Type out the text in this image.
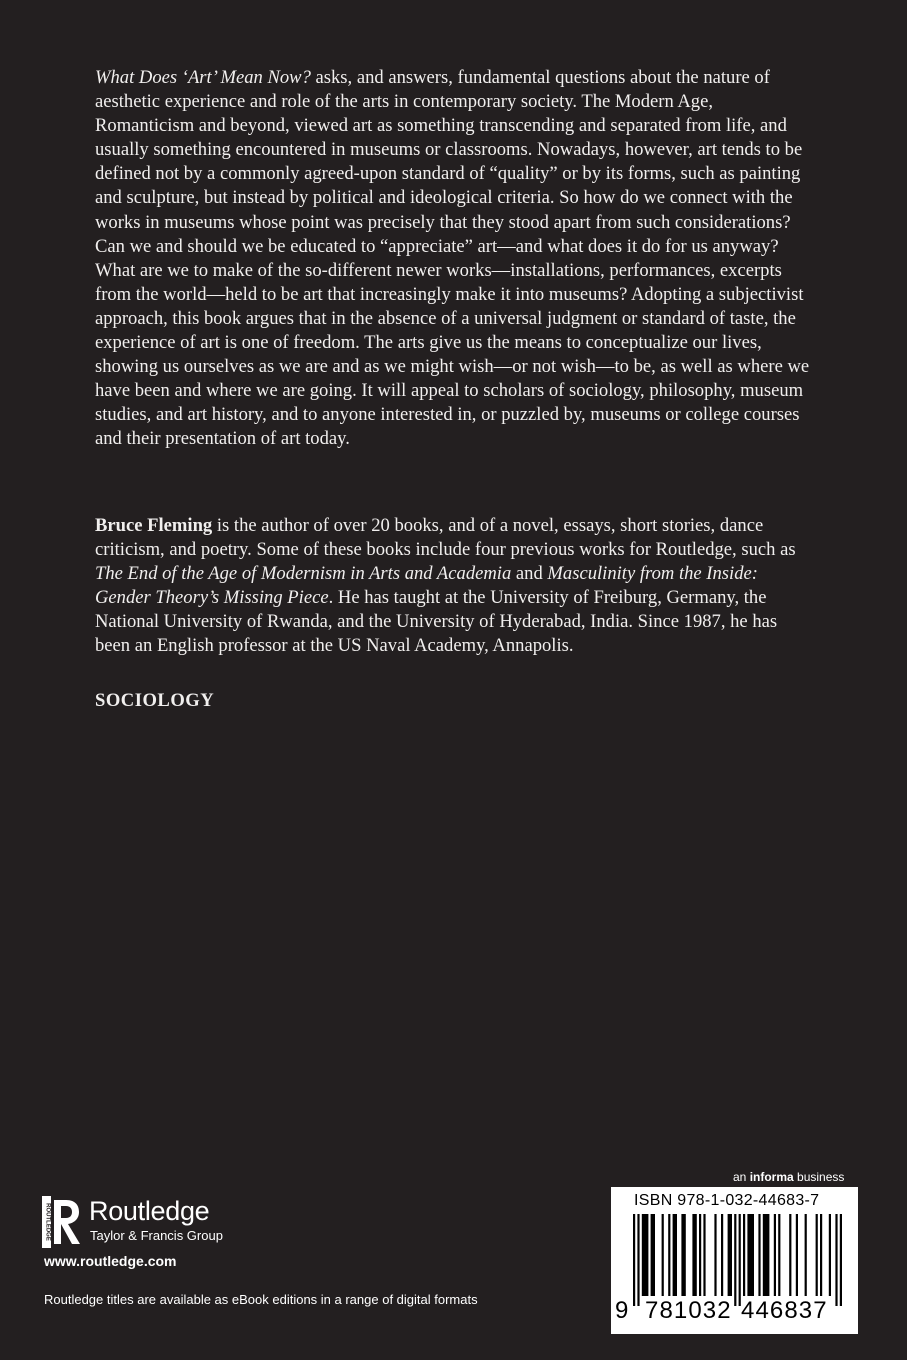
What Does ‘Art’ Mean Now? asks, and answers, fundamental questions about the nature of aesthetic experience and role of the arts in contemporary society. The Modern Age, Romanticism and beyond, viewed art as something transcending and separated from life, and usually something encountered in museums or classrooms. Nowadays, however, art tends to be defined not by a commonly agreed-upon standard of “quality” or by its forms, such as painting and sculpture, but instead by political and ideological criteria. So how do we connect with the works in museums whose point was precisely that they stood apart from such considerations? Can we and should we be educated to “appreciate” art—and what does it do for us anyway? What are we to make of the so-different newer works—installations, performances, excerpts from the world—held to be art that increasingly make it into museums? Adopting a subjectivist approach, this book argues that in the absence of a universal judgment or standard of taste, the experience of art is one of freedom. The arts give us the means to conceptualize our lives, showing us ourselves as we are and as we might wish—or not wish—to be, as well as where we have been and where we are going. It will appeal to scholars of sociology, philosophy, museum studies, and art history, and to anyone interested in, or puzzled by, museums or college courses and their presentation of art today.

Bruce Fleming is the author of over 20 books, and of a novel, essays, short stories, dance criticism, and poetry. Some of these books include four previous works for Routledge, such as The End of the Age of Modernism in Arts and Academia and Masculinity from the Inside: Gender Theory’s Missing Piece. He has taught at the University of Freiburg, Germany, the National University of Rwanda, and the University of Hyderabad, India. Since 1987, he has been an English professor at the US Naval Academy, Annapolis.

SOCIOLOGY

ROUTLEDGE Routledge
Taylor & Francis Group
www.routledge.com
Routledge titles are available as eBook editions in a range of digital formats
an informa business
ISBN 978-1-032-44683-7
9 781032 446837
